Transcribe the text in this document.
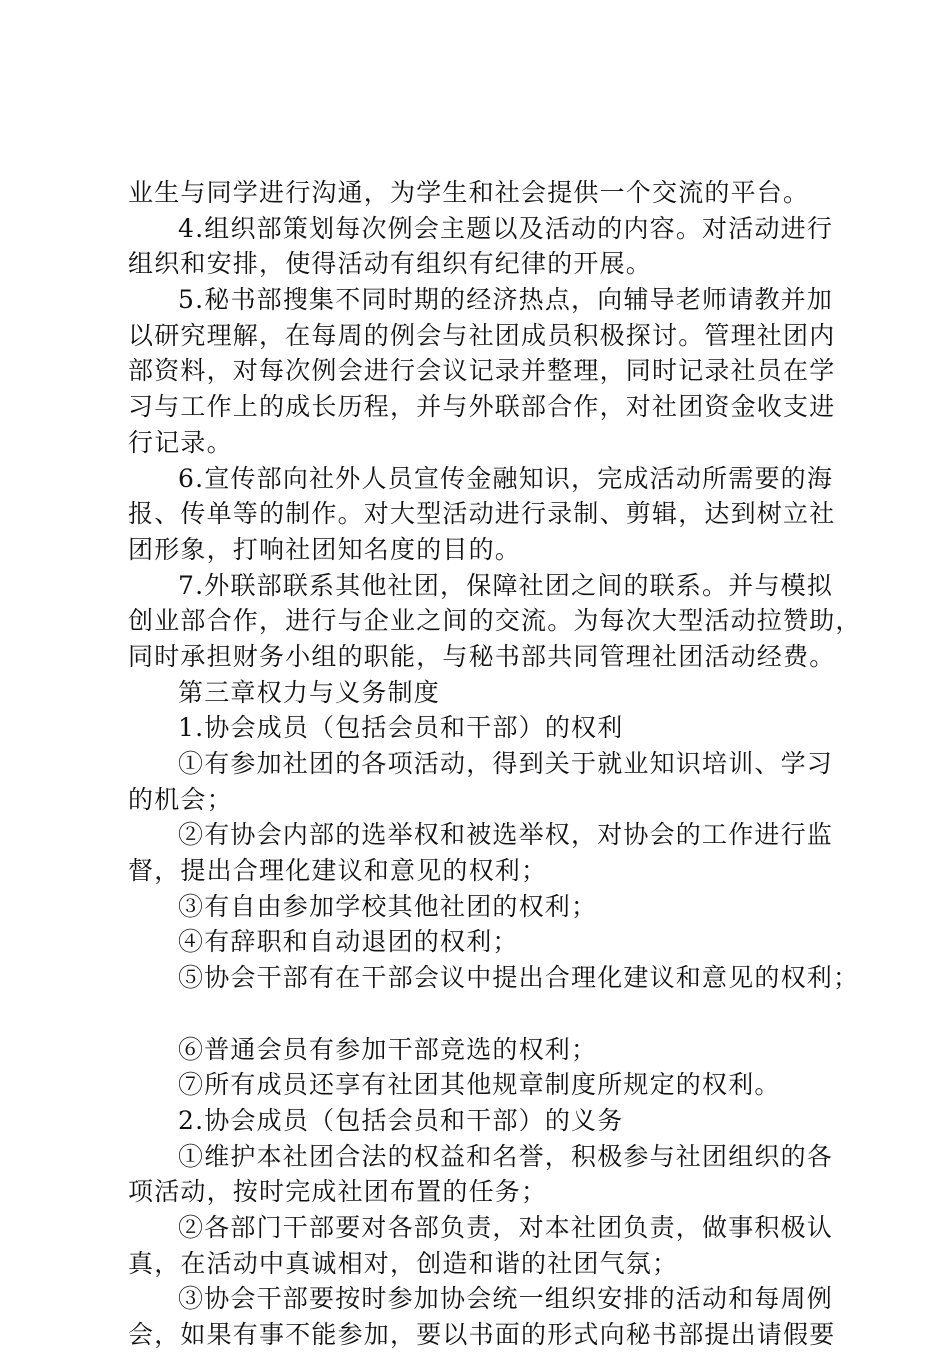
业生与同学进行沟通，为学生和社会提供一个交流的平台。
4.组织部策划每次例会主题以及活动的内容。对活动进行
组织和安排，使得活动有组织有纪律的开展。
5.秘书部搜集不同时期的经济热点，向辅导老师请教并加
以研究理解，在每周的例会与社团成员积极探讨。管理社团内
部资料，对每次例会进行会议记录并整理，同时记录社员在学
习与工作上的成长历程，并与外联部合作，对社团资金收支进
行记录。
6.宣传部向社外人员宣传金融知识，完成活动所需要的海
报、传单等的制作。对大型活动进行录制、剪辑，达到树立社
团形象，打响社团知名度的目的。
7.外联部联系其他社团，保障社团之间的联系。并与模拟
创业部合作，进行与企业之间的交流。为每次大型活动拉赞助，
同时承担财务小组的职能，与秘书部共同管理社团活动经费。
第三章权力与义务制度
1.协会成员（包括会员和干部）的权利
①有参加社团的各项活动，得到关于就业知识培训、学习
的机会；
②有协会内部的选举权和被选举权，对协会的工作进行监
督，提出合理化建议和意见的权利；
③有自由参加学校其他社团的权利；
④有辞职和自动退团的权利；
⑤协会干部有在干部会议中提出合理化建议和意见的权利；
⑥普通会员有参加干部竞选的权利；
⑦所有成员还享有社团其他规章制度所规定的权利。
2.协会成员（包括会员和干部）的义务
①维护本社团合法的权益和名誉，积极参与社团组织的各
项活动，按时完成社团布置的任务；
②各部门干部要对各部负责，对本社团负责，做事积极认
真，在活动中真诚相对，创造和谐的社团气氛；
③协会干部要按时参加协会统一组织安排的活动和每周例
会，如果有事不能参加，要以书面的形式向秘书部提出请假要
